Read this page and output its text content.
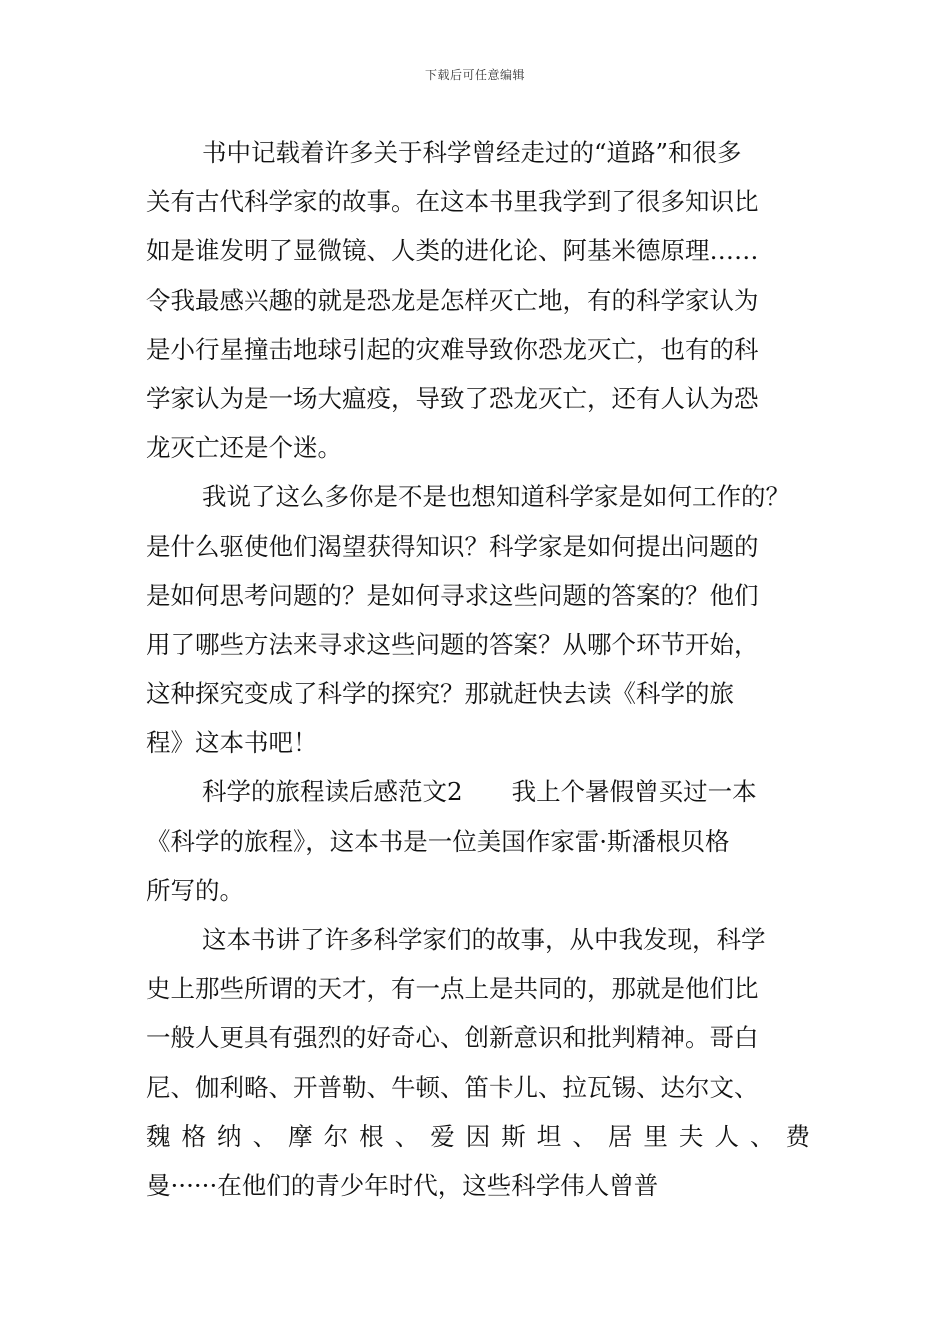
下载后可任意编辑
书中记载着许多关于科学曾经走过的“道路”和很多
关有古代科学家的故事。在这本书里我学到了很多知识比
如是谁发明了显微镜、人类的进化论、阿基米德原理……
令我最感兴趣的就是恐龙是怎样灭亡地，有的科学家认为
是小行星撞击地球引起的灾难导致你恐龙灭亡，也有的科
学家认为是一场大瘟疫，导致了恐龙灭亡，还有人认为恐
龙灭亡还是个迷。
我说了这么多你是不是也想知道科学家是如何工作的？
是什么驱使他们渴望获得知识？科学家是如何提出问题的
是如何思考问题的？是如何寻求这些问题的答案的？他们
用了哪些方法来寻求这些问题的答案？从哪个环节开始，
这种探究变成了科学的探究？那就赶快去读《科学的旅
程》这本书吧！
科学的旅程读后感范文2　　我上个暑假曾买过一本
《科学的旅程》，这本书是一位美国作家雷·斯潘根贝格
所写的。
这本书讲了许多科学家们的故事，从中我发现，科学
史上那些所谓的天才，有一点上是共同的，那就是他们比
一般人更具有强烈的好奇心、创新意识和批判精神。哥白
尼、伽利略、开普勒、牛顿、笛卡儿、拉瓦锡、达尔文、
魏格纳、摩尔根、爱因斯坦、居里夫人、费
曼······在他们的青少年时代，这些科学伟人曾普
